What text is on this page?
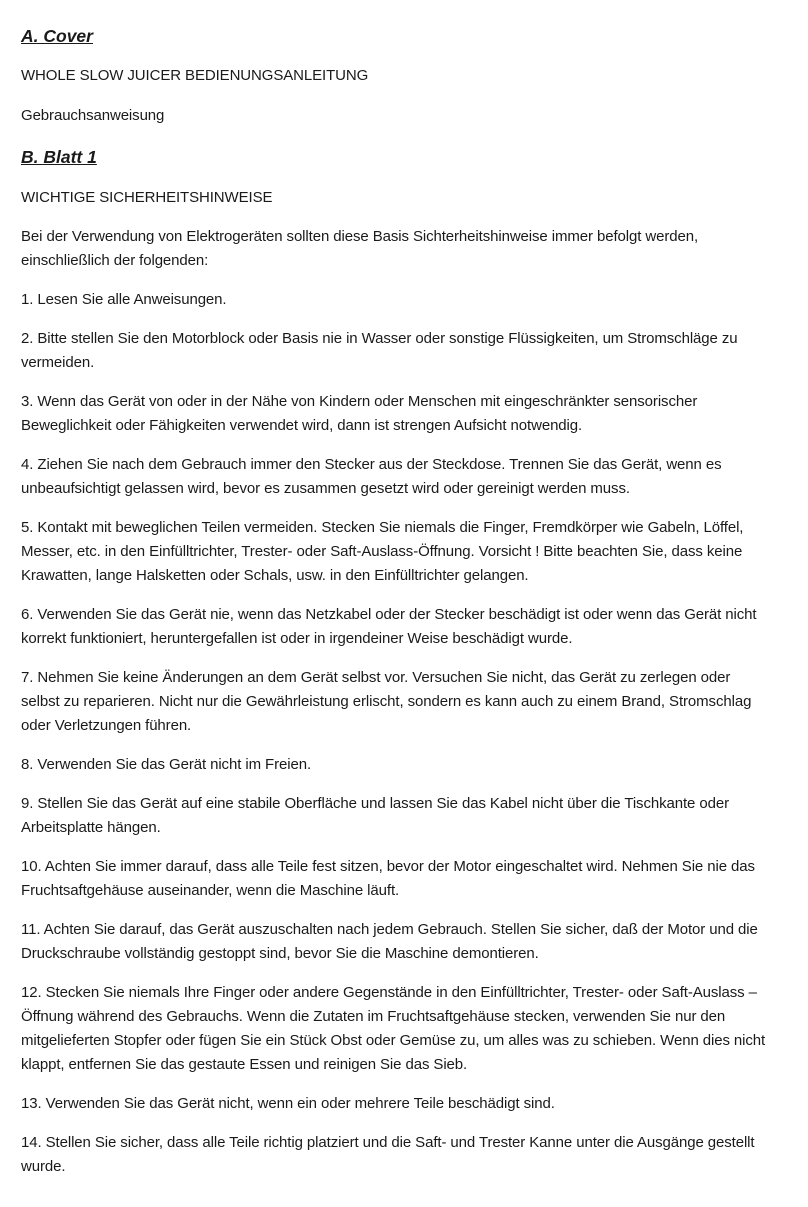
A. Cover

WHOLE SLOW JUICER BEDIENUNGSANLEITUNG

Gebrauchsanweisung

B. Blatt 1

WICHTIGE SICHERHEITSHINWEISE

Bei der Verwendung von Elektrogeräten sollten diese Basis Sichterheitshinweise immer befolgt werden,

einschließlich der folgenden:

1. Lesen Sie alle Anweisungen.

2. Bitte stellen Sie den Motorblock oder Basis nie in Wasser oder sonstige Flüssigkeiten, um Stromschläge zu

vermeiden.

3. Wenn das Gerät von oder in der Nähe von Kindern oder Menschen mit eingeschränkter sensorischer

Beweglichkeit oder Fähigkeiten verwendet wird, dann ist strengen Aufsicht notwendig.

4. Ziehen Sie nach dem Gebrauch immer den Stecker aus der Steckdose. Trennen Sie das Gerät, wenn es

unbeaufsichtigt gelassen wird, bevor es zusammen gesetzt wird oder gereinigt werden muss.

5. Kontakt mit beweglichen Teilen vermeiden. Stecken Sie niemals die Finger, Fremdkörper wie Gabeln, Löffel,

Messer, etc. in den Einfülltrichter, Trester- oder Saft-Auslass-Öffnung. Vorsicht ! Bitte beachten Sie, dass keine

Krawatten, lange Halsketten oder Schals, usw. in den Einfülltrichter gelangen.

6. Verwenden Sie das Gerät nie, wenn das Netzkabel oder der Stecker beschädigt ist oder wenn das Gerät nicht

korrekt funktioniert, heruntergefallen ist oder in irgendeiner Weise beschädigt wurde.

7. Nehmen Sie keine Änderungen an dem Gerät selbst vor. Versuchen Sie nicht, das Gerät zu zerlegen oder

selbst zu reparieren. Nicht nur die Gewährleistung erlischt, sondern es kann auch zu einem Brand, Stromschlag

oder Verletzungen führen.

8. Verwenden Sie das Gerät nicht im Freien.

9. Stellen Sie das Gerät auf eine stabile Oberfläche und lassen Sie das Kabel nicht über die Tischkante oder

Arbeitsplatte hängen.

10. Achten Sie immer darauf, dass alle Teile fest sitzen, bevor der Motor eingeschaltet wird. Nehmen Sie nie das

Fruchtsaftgehäuse auseinander, wenn die Maschine läuft.

11. Achten Sie darauf, das Gerät auszuschalten nach jedem Gebrauch. Stellen Sie sicher, daß der Motor und die

Druckschraube vollständig gestoppt sind, bevor Sie die Maschine demontieren.

12. Stecken Sie niemals Ihre Finger oder andere Gegenstände in den Einfülltrichter, Trester- oder Saft-Auslass –

Öffnung während des Gebrauchs. Wenn die Zutaten im Fruchtsaftgehäuse stecken, verwenden Sie nur den

mitgelieferten Stopfer oder fügen Sie ein Stück Obst oder Gemüse zu, um alles was zu schieben. Wenn dies nicht

klappt, entfernen Sie das gestaute Essen und reinigen Sie das Sieb.

13. Verwenden Sie das Gerät nicht, wenn ein oder mehrere Teile beschädigt sind.

14. Stellen Sie sicher, dass alle Teile richtig platziert und die Saft- und Trester Kanne unter die Ausgänge gestellt

wurde.
